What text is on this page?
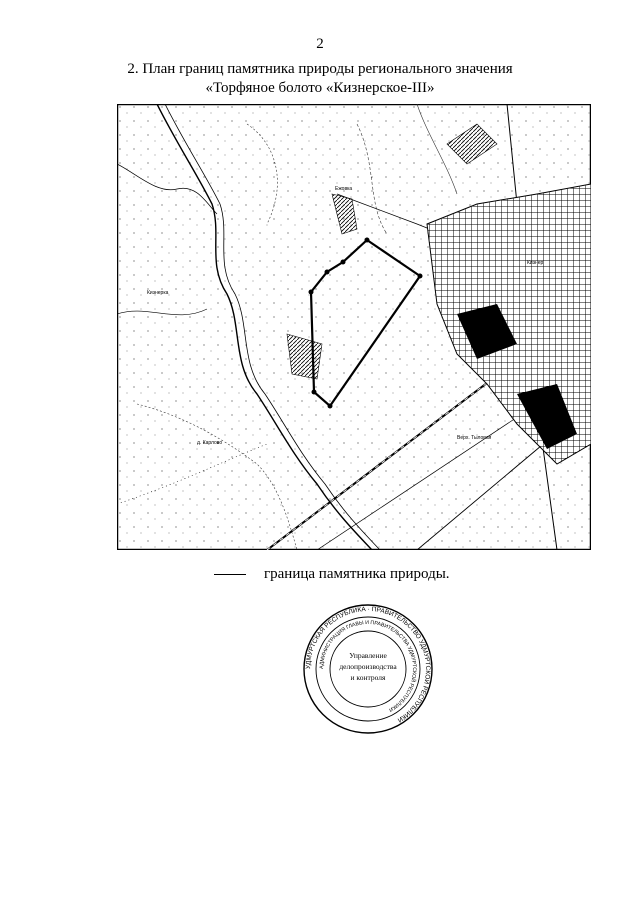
2
2. План границ памятника природы регионального значения
«Торфяное болото «Кизнерское-III»
Ежовка
Кизнер
Верх. Тыловая
Кизнерка
д. Карлово
граница памятника природы.
УДМУРТСКАЯ РЕСПУБЛИКА · ПРАВИТЕЛЬСТВО УДМУРТСКОЙ РЕСПУБЛИКИ
АДМИНИСТРАЦИЯ ГЛАВЫ И ПРАВИТЕЛЬСТВА УДМУРТСКОЙ РЕСПУБЛИКИ
Управление
делопроизводства
и контроля
